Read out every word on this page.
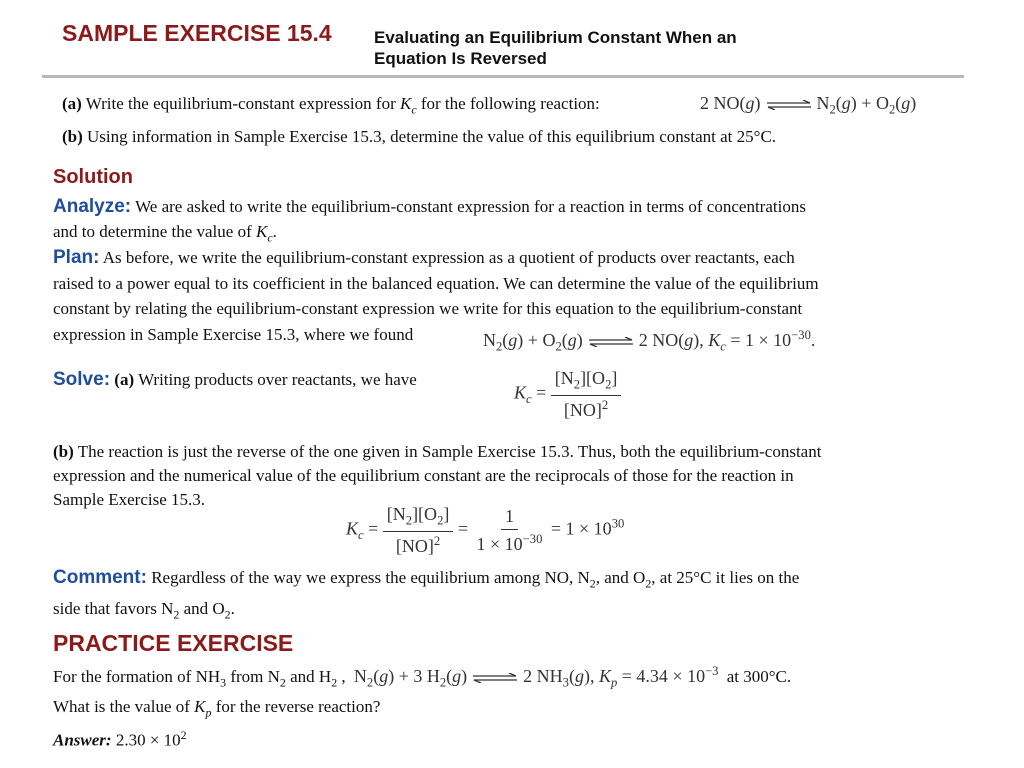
SAMPLE EXERCISE 15.4 Evaluating an Equilibrium Constant When an
Equation Is Reversed
(a) Write the equilibrium-constant expression for $K_c$ for the following reaction:	2 NO(g) ⇌ $N_2(g) + O_2(g)$
(b) Using information in Sample Exercise 15.3, determine the value of this equilibrium constant at 25°C.
Solution
Analyze: We are asked to write the equilibrium-constant expression for a reaction in terms of concentrations
and to determine the value of $K_c$.
Plan: As before, we write the equilibrium-constant expression as a quotient of products over reactants, each
raised to a power equal to its coefficient in the balanced equation. We can determine the value of the equilibrium
constant by relating the equilibrium-constant expression we write for this equation to the equilibrium-constant
expression in Sample Exercise 15.3, where we found	$N_2(g) + O_2(g)$ ⇌ 2 NO(g), $K_c = 1 \times 10^{-30}$.
Solve: (a) Writing products over reactants, we have
$K_c = \frac{[N_2][O_2]}{[NO]^2}$
(b) The reaction is just the reverse of the one given in Sample Exercise 15.3. Thus, both the equilibrium-constant
expression and the numerical value of the equilibrium constant are the reciprocals of those for the reaction in
Sample Exercise 15.3.
$K_c = \frac{[N_2][O_2]}{[NO]^2} = \frac{1}{1 \times 10^{-30}} = 1 \times 10^{30}$
Comment: Regardless of the way we express the equilibrium among NO, $N_2$, and $O_2$, at 25°C it lies on the
side that favors $N_2$ and $O_2$.
PRACTICE EXERCISE
For the formation of $NH_3$ from $N_2$ and $H_2$ , $N_2(g) + 3$ $H_2(g)$ ⇌ 2 $NH_3(g)$, $K_p = 4.34 \times 10^{-3}$ at 300°C.
What is the value of $K_p$ for the reverse reaction?
Answer: $2.30 \times 10^2$
